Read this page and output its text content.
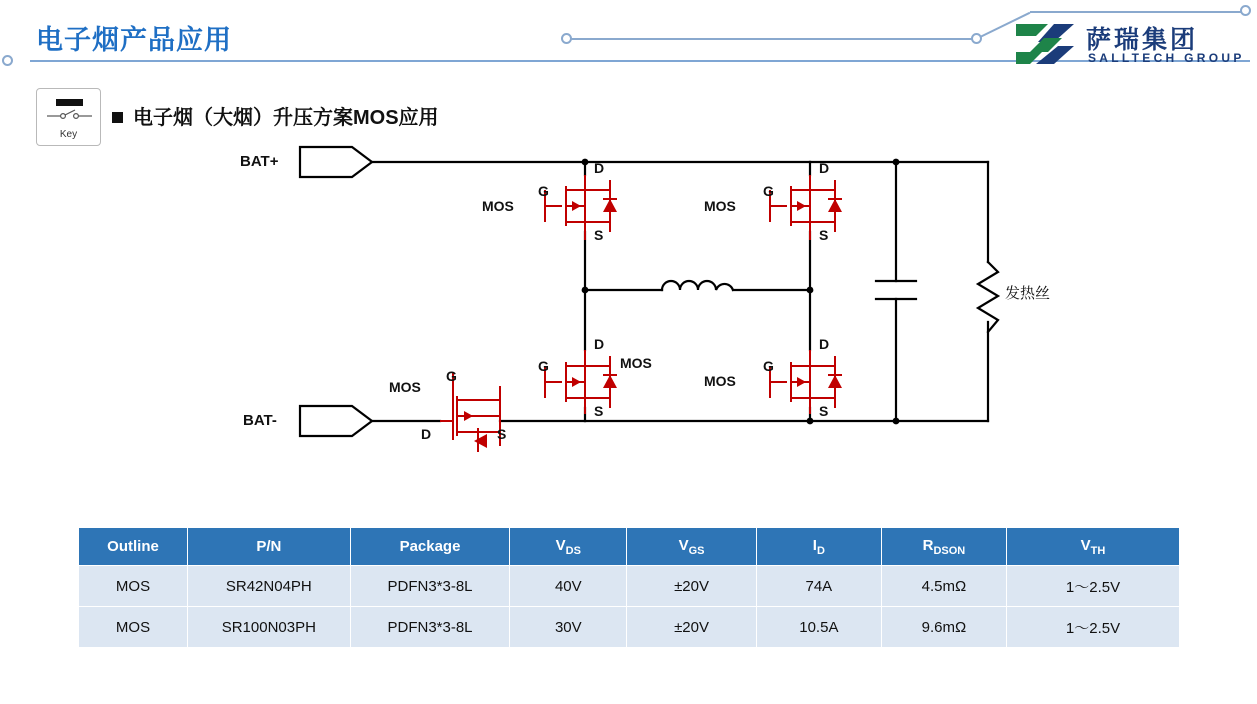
电子烟产品应用	萨瑞集团
SALLTECH GROUP
Key
电子烟（大烟）升压方案MOS应用
BAT+
BAT-
MOS	MOS
MOS
MOS
MOS
G
D
S
G
D
S
G
D
S
G
D
S
G
D	S
发热丝
Outline	P/N	Package	$V_{DS}$	$V_{GS}$	$I_D$	$R_{DSON}$	$V_{TH}$
MOS	SR42N04PH	PDFN3*3-8L	40V	±20V	74A	4.5mΩ	1～2.5V
MOS	SR100N03PH	PDFN3*3-8L	30V	±20V	10.5A	9.6mΩ	1～2.5V
